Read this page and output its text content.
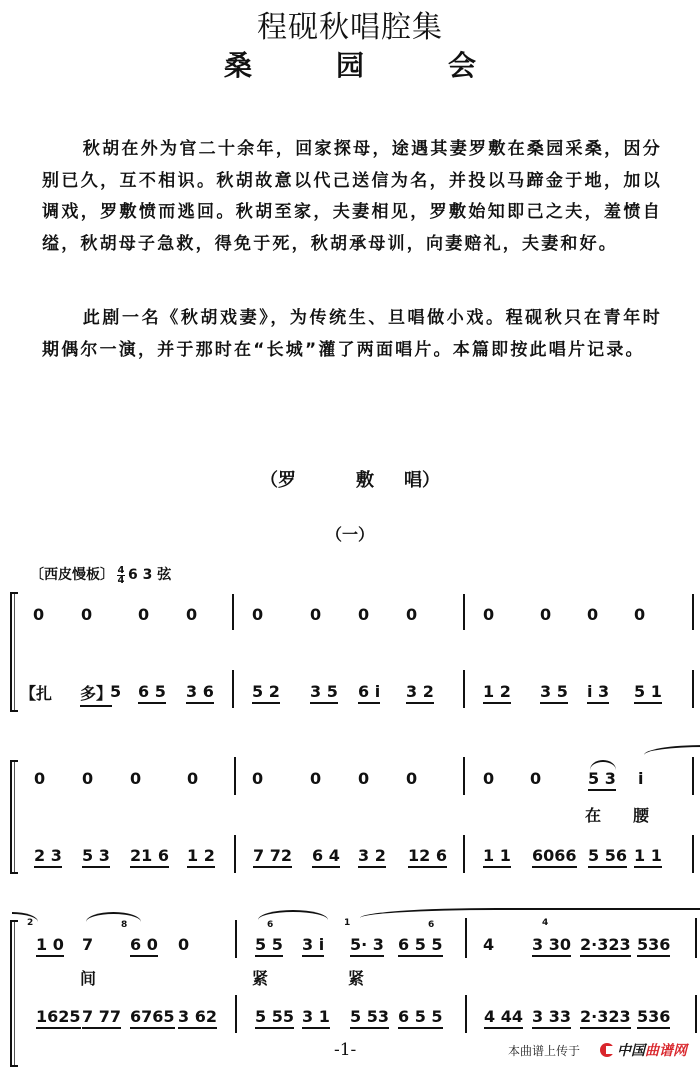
程砚秋唱腔集
桑	园	会
秋胡在外为官二十余年，回家探母，途遇其妻罗敷在桑园采桑，因分别已久，互不相识。秋胡故意以代己送信为名，并投以马蹄金于地，加以调戏，罗敷愤而逃回。秋胡至家，夫妻相见，罗敷始知即己之夫，羞愤自缢，秋胡母子急救，得免于死，秋胡承母训，向妻赔礼，夫妻和好。
此剧一名《秋胡戏妻》，为传统生、旦唱做小戏。程砚秋只在青年时期偶尔一演，并于那时在“长城”灌了两面唱片。本篇即按此唱片记录。
（罗	敷 唱）
（一）
〔西皮慢板〕 $\frac{4}{4} 6$ 3 弦
0 0	0 0	0	0 0 0	0	0 0 0
【扎 多】
5 6 5 3 6 5 2 3 5 6 i 3 2	1 2 3 5 i 3 5 1
0 0 0	0	0	0 0 0	0 0	5 3 i
在 腰
2 3 5 3 21 6 1 2 7 72 6 4 3 2 12 6 1 1 6066 5 56 1 1
2	8	6	1	6	4
1 0 7 6 0 0	5 5 3 i 5· 3 6 5 5	4 3 30 2·323 536
间	紧	紧
1625 7 77 6765 3 62 5 55 3 1 5 53 6 5 5	4 44 3 33 2·323 536
-1-	本曲谱上传于	中国曲谱网
